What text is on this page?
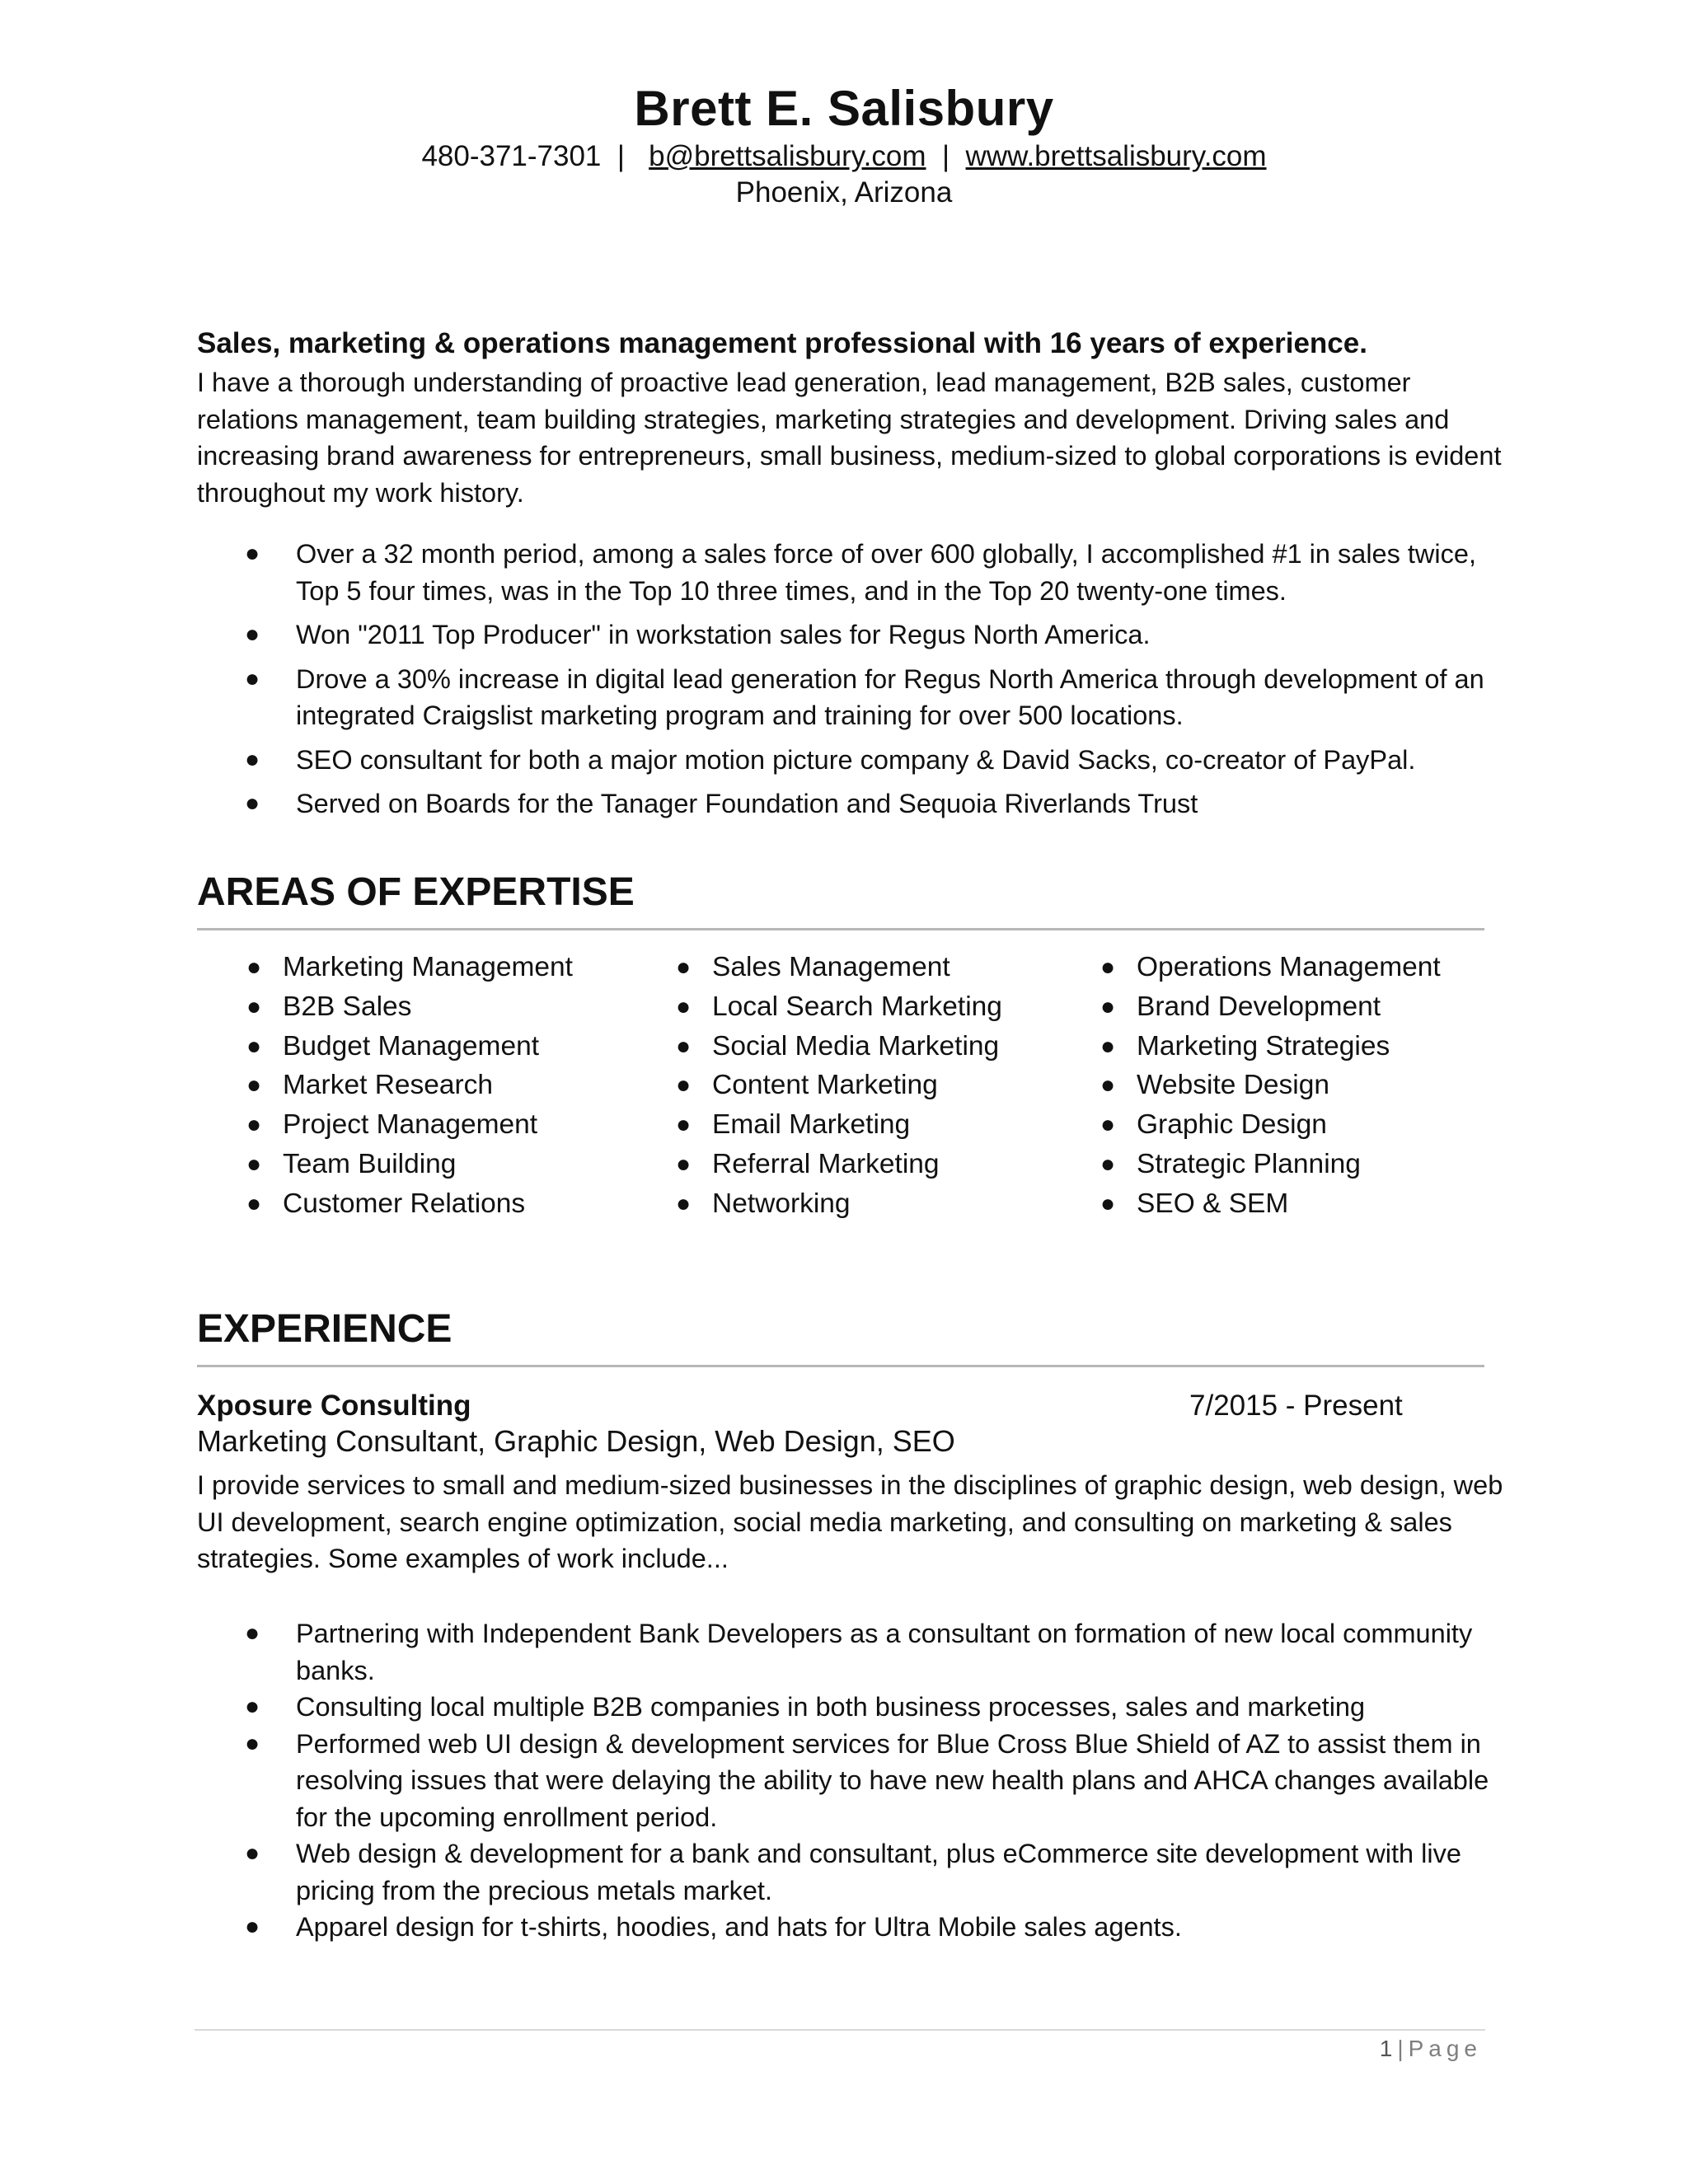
Brett E. Salisbury
480-371-7301  |   b@brettsalisbury.com  |  www.brettsalisbury.com
Phoenix, Arizona
Sales, marketing & operations management professional with 16 years of experience.
I have a thorough understanding of proactive lead generation, lead management, B2B sales, customer relations management, team building strategies, marketing strategies and development. Driving sales and increasing brand awareness for entrepreneurs, small business, medium-sized to global corporations is evident throughout my work history.
● Over a 32 month period, among a sales force of over 600 globally, I accomplished #1 in sales twice, Top 5 four times, was in the Top 10 three times, and in the Top 20 twenty-one times.
● Won "2011 Top Producer" in workstation sales for Regus North America.
● Drove a 30% increase in digital lead generation for Regus North America through development of an integrated Craigslist marketing program and training for over 500 locations.
● SEO consultant for both a major motion picture company & David Sacks, co-creator of PayPal.
● Served on Boards for the Tanager Foundation and Sequoia Riverlands Trust
AREAS OF EXPERTISE
● Marketing Management
● B2B Sales
● Budget Management
● Market Research
● Project Management
● Team Building
● Customer Relations
● Sales Management
● Local Search Marketing
● Social Media Marketing
● Content Marketing
● Email Marketing
● Referral Marketing
● Networking
● Operations Management
● Brand Development
● Marketing Strategies
● Website Design
● Graphic Design
● Strategic Planning
● SEO & SEM
EXPERIENCE
Xposure Consulting	7/2015 - Present
Marketing Consultant, Graphic Design, Web Design, SEO
I provide services to small and medium-sized businesses in the disciplines of graphic design, web design, web UI development, search engine optimization, social media marketing, and consulting on marketing & sales strategies. Some examples of work include...
● Partnering with Independent Bank Developers as a consultant on formation of new local community banks.
● Consulting local multiple B2B companies in both business processes, sales and marketing
● Performed web UI design & development services for Blue Cross Blue Shield of AZ to assist them in resolving issues that were delaying the ability to have new health plans and AHCA changes available for the upcoming enrollment period.
● Web design & development for a bank and consultant, plus eCommerce site development with live pricing from the precious metals market.
● Apparel design for t-shirts, hoodies, and hats for Ultra Mobile sales agents.
1|Page
